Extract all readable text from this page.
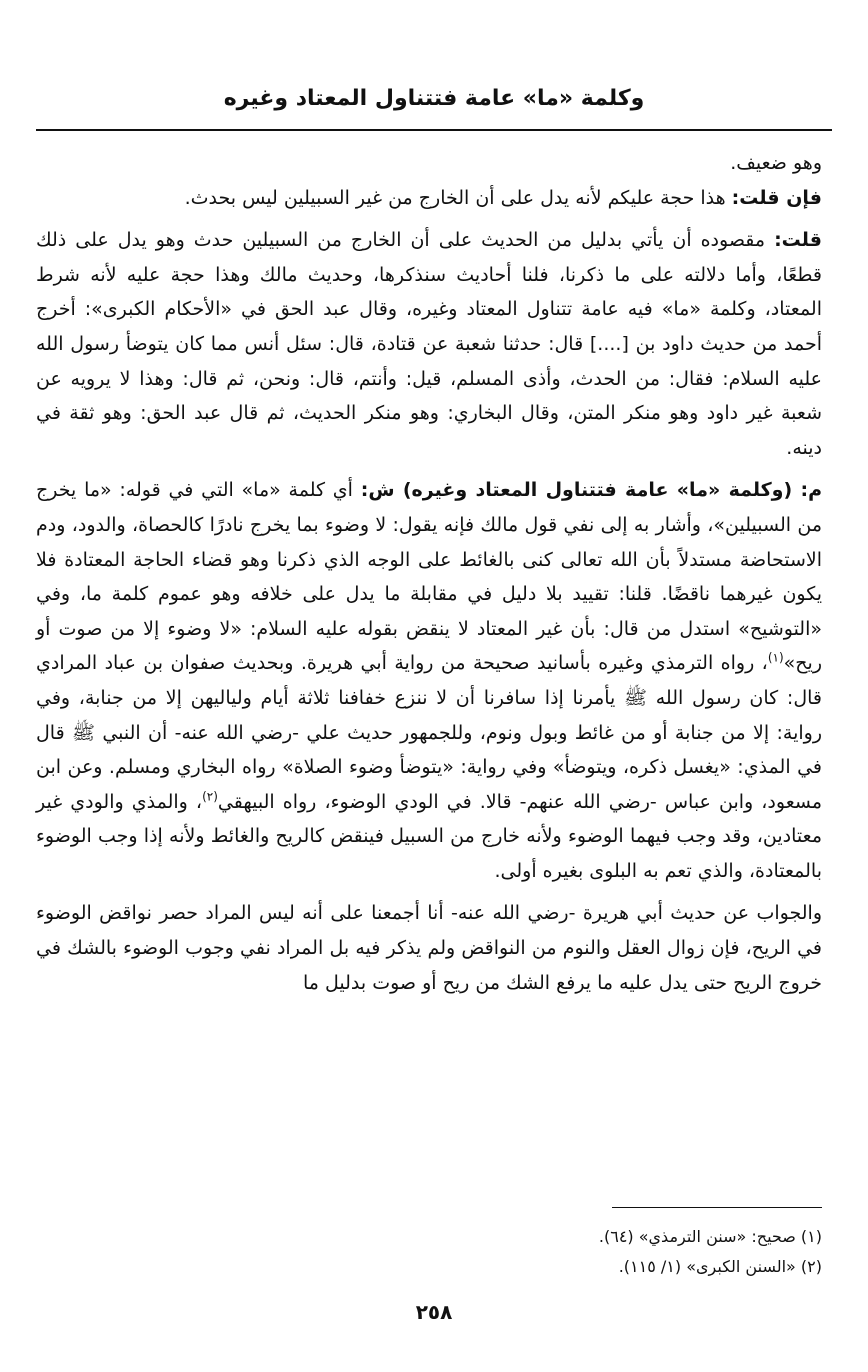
وكلمة «ما» عامة فتتناول المعتاد وغيره

وهو ضعيف.

فإن قلت: هذا حجة عليكم لأنه يدل على أن الخارج من غير السبيلين ليس بحدث.

قلت: مقصوده أن يأتي بدليل من الحديث على أن الخارج من السبيلين حدث وهو يدل على ذلك قطعًا، وأما دلالته على ما ذكرنا، فلنا أحاديث سنذكرها، وحديث مالك وهذا حجة عليه لأنه شرط المعتاد، وكلمة «ما» فيه عامة تتناول المعتاد وغيره، وقال عبد الحق في «الأحكام الكبرى»: أخرج أحمد من حديث داود بن [....] قال: حدثنا شعبة عن قتادة، قال: سئل أنس مما كان يتوضأ رسول الله عليه السلام: فقال: من الحدث، وأذى المسلم، قيل: وأنتم، قال: ونحن، ثم قال: وهذا لا يرويه عن شعبة غير داود وهو منكر المتن، وقال البخاري: وهو منكر الحديث، ثم قال عبد الحق: وهو ثقة في دينه.

م: (وكلمة «ما» عامة فتتناول المعتاد وغيره) ش: أي كلمة «ما» التي في قوله: «ما يخرج من السبيلين»، وأشار به إلى نفي قول مالك فإنه يقول: لا وضوء بما يخرج نادرًا كالحصاة، والدود، ودم الاستحاضة مستدلاً بأن الله تعالى كنى بالغائط على الوجه الذي ذكرنا وهو قضاء الحاجة المعتادة فلا يكون غيرهما ناقضًا. قلنا: تقييد بلا دليل في مقابلة ما يدل على خلافه وهو عموم كلمة ما، وفي «التوشيح» استدل من قال: بأن غير المعتاد لا ينقض بقوله عليه السلام: «لا وضوء إلا من صوت أو ريح»$^{(١)}$، رواه الترمذي وغيره بأسانيد صحيحة من رواية أبي هريرة. وبحديث صفوان بن عباد المرادي قال: كان رسول الله ﷺ يأمرنا إذا سافرنا أن لا ننزع خفافنا ثلاثة أيام ولياليهن إلا من جنابة، وفي رواية: إلا من جنابة أو من غائط وبول ونوم، وللجمهور حديث علي -رضي الله عنه- أن النبي ﷺ قال في المذي: «يغسل ذكره، ويتوضأ» وفي رواية: «يتوضأ وضوء الصلاة» رواه البخاري ومسلم. وعن ابن مسعود، وابن عباس -رضي الله عنهم- قالا. في الودي الوضوء، رواه البيهقي$^{(٢)}$، والمذي والودي غير معتادين، وقد وجب فيهما الوضوء ولأنه خارج من السبيل فينقض كالريح والغائط ولأنه إذا وجب الوضوء بالمعتادة، والذي تعم به البلوى بغيره أولى.

والجواب عن حديث أبي هريرة -رضي الله عنه- أنا أجمعنا على أنه ليس المراد حصر نواقض الوضوء في الريح، فإن زوال العقل والنوم من النواقض ولم يذكر فيه بل المراد نفي وجوب الوضوء بالشك في خروج الريح حتى يدل عليه ما يرفع الشك من ريح أو صوت بدليل ما

(١) صحيح: «سنن الترمذي» (٦٤).
(٢) «السنن الكبرى» (١/ ١١٥).
٢٥٨
